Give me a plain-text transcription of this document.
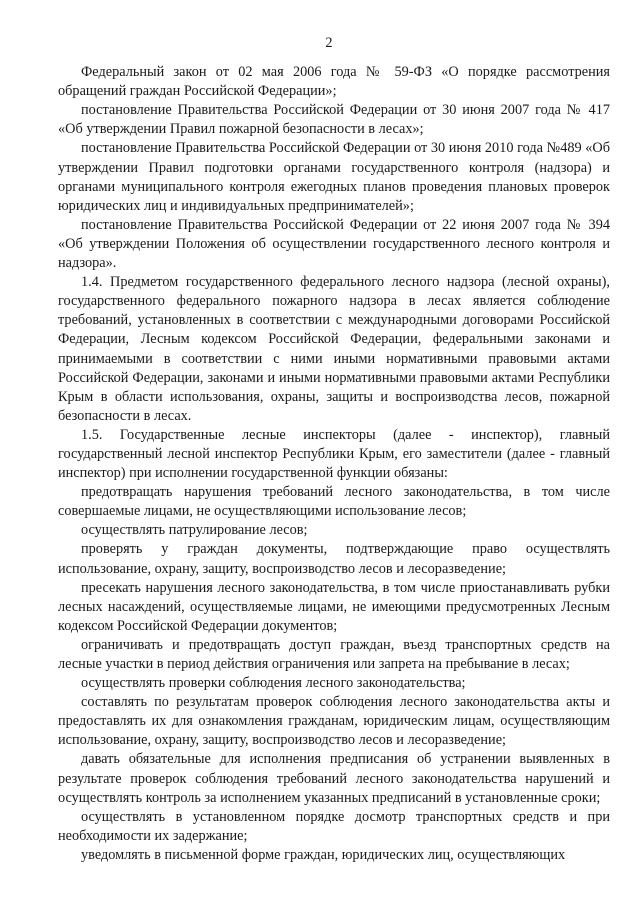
2

Федеральный закон от 02 мая 2006 года № 59-ФЗ «О порядке рассмотрения обращений граждан Российской Федерации»;

постановление Правительства Российской Федерации от 30 июня 2007 года № 417 «Об утверждении Правил пожарной безопасности в лесах»;

постановление Правительства Российской Федерации от 30 июня 2010 года №489 «Об утверждении Правил подготовки органами государственного контроля (надзора) и органами муниципального контроля ежегодных планов проведения плановых проверок юридических лиц и индивидуальных предпринимателей»;

постановление Правительства Российской Федерации от 22 июня 2007 года № 394 «Об утверждении Положения об осуществлении государственного лесного контроля и надзора».

1.4. Предметом государственного федерального лесного надзора (лесной охраны), государственного федерального пожарного надзора в лесах является соблюдение требований, установленных в соответствии с международными договорами Российской Федерации, Лесным кодексом Российской Федерации, федеральными законами и принимаемыми в соответствии с ними иными нормативными правовыми актами Российской Федерации, законами и иными нормативными правовыми актами Республики Крым в области использования, охраны, защиты и воспроизводства лесов, пожарной безопасности в лесах.

1.5. Государственные лесные инспекторы (далее - инспектор), главный государственный лесной инспектор Республики Крым, его заместители (далее - главный инспектор) при исполнении государственной функции обязаны:

предотвращать нарушения требований лесного законодательства, в том числе совершаемые лицами, не осуществляющими использование лесов;

осуществлять патрулирование лесов;

проверять у граждан документы, подтверждающие право осуществлять использование, охрану, защиту, воспроизводство лесов и лесоразведение;

пресекать нарушения лесного законодательства, в том числе приостанавливать рубки лесных насаждений, осуществляемые лицами, не имеющими предусмотренных Лесным кодексом Российской Федерации документов;

ограничивать и предотвращать доступ граждан, въезд транспортных средств на лесные участки в период действия ограничения или запрета на пребывание в лесах;

осуществлять проверки соблюдения лесного законодательства;

составлять по результатам проверок соблюдения лесного законодательства акты и предоставлять их для ознакомления гражданам, юридическим лицам, осуществляющим использование, охрану, защиту, воспроизводство лесов и лесоразведение;

давать обязательные для исполнения предписания об устранении выявленных в результате проверок соблюдения требований лесного законодательства нарушений и осуществлять контроль за исполнением указанных предписаний в установленные сроки;

осуществлять в установленном порядке досмотр транспортных средств и при необходимости их задержание;

уведомлять в письменной форме граждан, юридических лиц, осуществляющих
